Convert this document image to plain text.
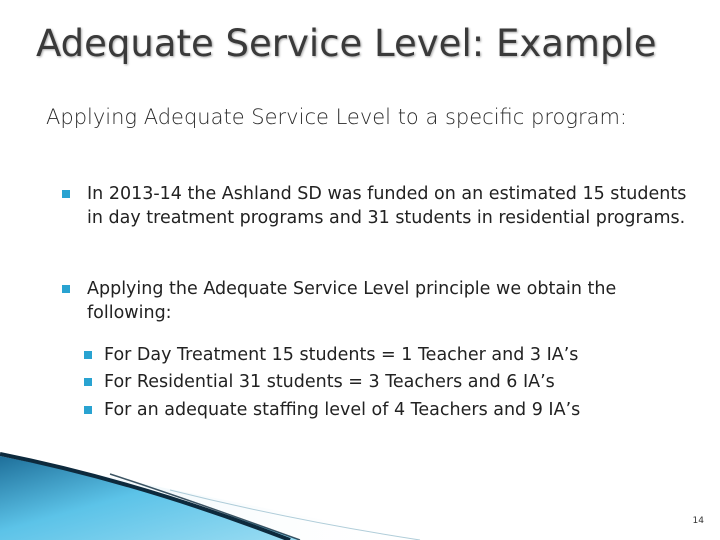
Adequate Service Level: Example
Applying Adequate Service Level to a specific program:
In 2013-14 the Ashland SD was funded on an estimated 15 students in day treatment programs and 31 students in residential programs.
Applying the Adequate Service Level principle we obtain the following:
For Day Treatment 15 students = 1 Teacher and 3 IA’s
For Residential 31 students = 3 Teachers and 6 IA’s
For an adequate staffing level of 4 Teachers and 9 IA’s
14
